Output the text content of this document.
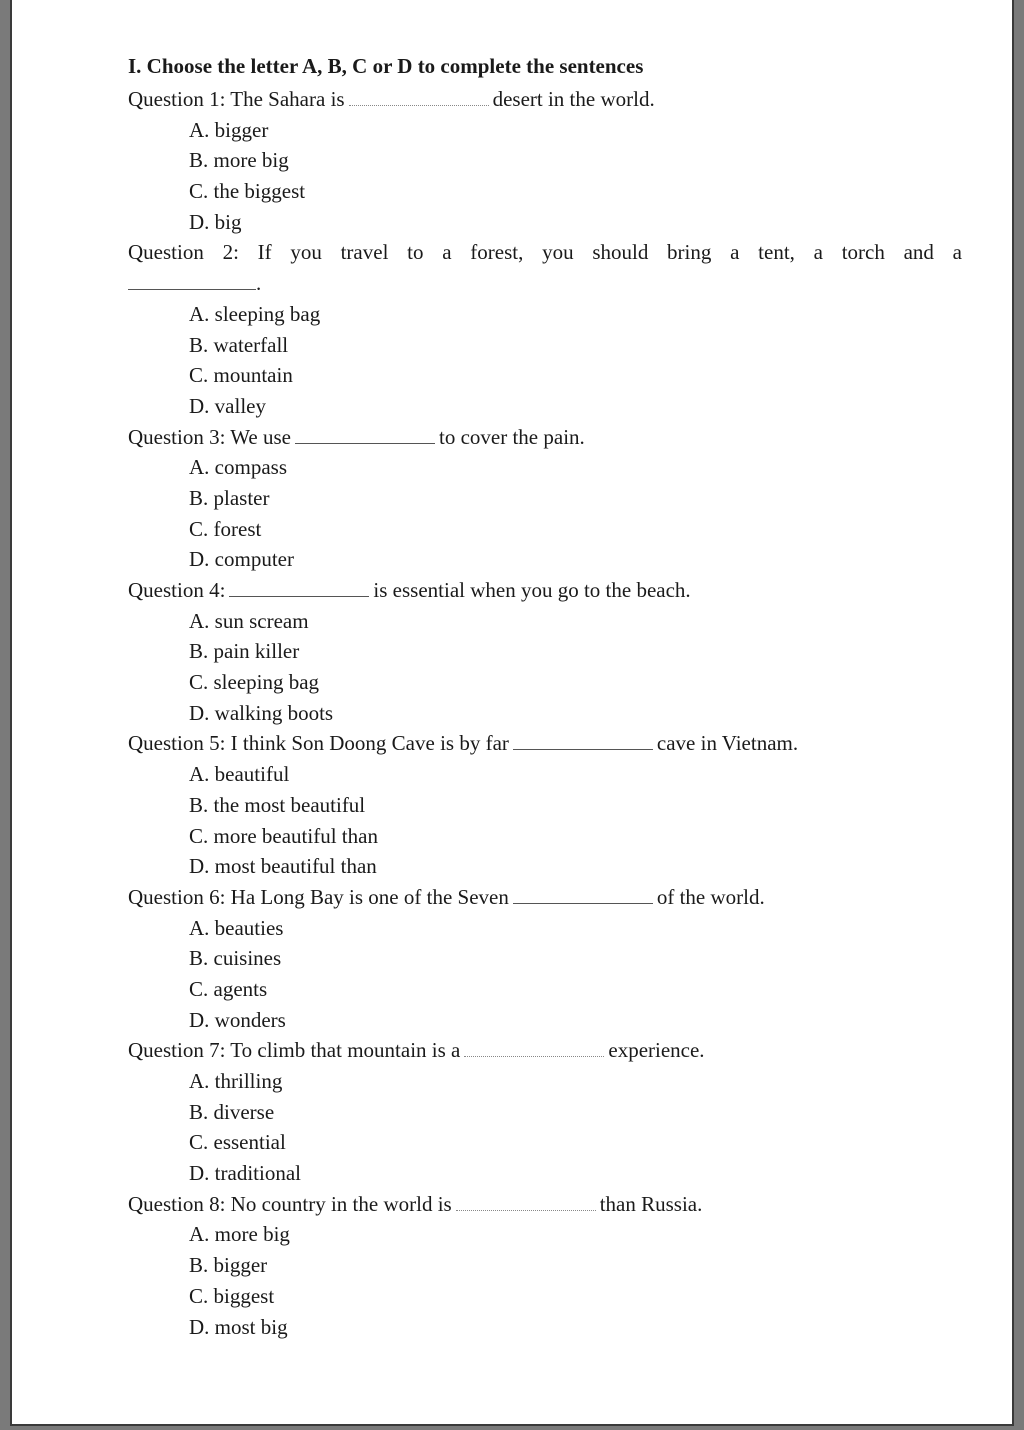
I. Choose the letter A, B, C or D to complete the sentences
Question 1: The Sahara is	desert in the world.
A. bigger
B. more big
C. the biggest
D. big
Question 2: If you travel to a forest, you should bring a tent, a torch and a
.
A. sleeping bag
B. waterfall
C. mountain
D. valley
Question 3: We use	to cover the pain.
A. compass
B. plaster
C. forest
D. computer
Question 4:	is essential when you go to the beach.
A. sun scream
B. pain killer
C. sleeping bag
D. walking boots
Question 5: I think Son Doong Cave is by far	cave in Vietnam.
A. beautiful
B. the most beautiful
C. more beautiful than
D. most beautiful than
Question 6: Ha Long Bay is one of the Seven	of the world.
A. beauties
B. cuisines
C. agents
D. wonders
Question 7: To climb that mountain is a	experience.
A. thrilling
B. diverse
C. essential
D. traditional
Question 8: No country in the world is	than Russia.
A. more big
B. bigger
C. biggest
D. most big
